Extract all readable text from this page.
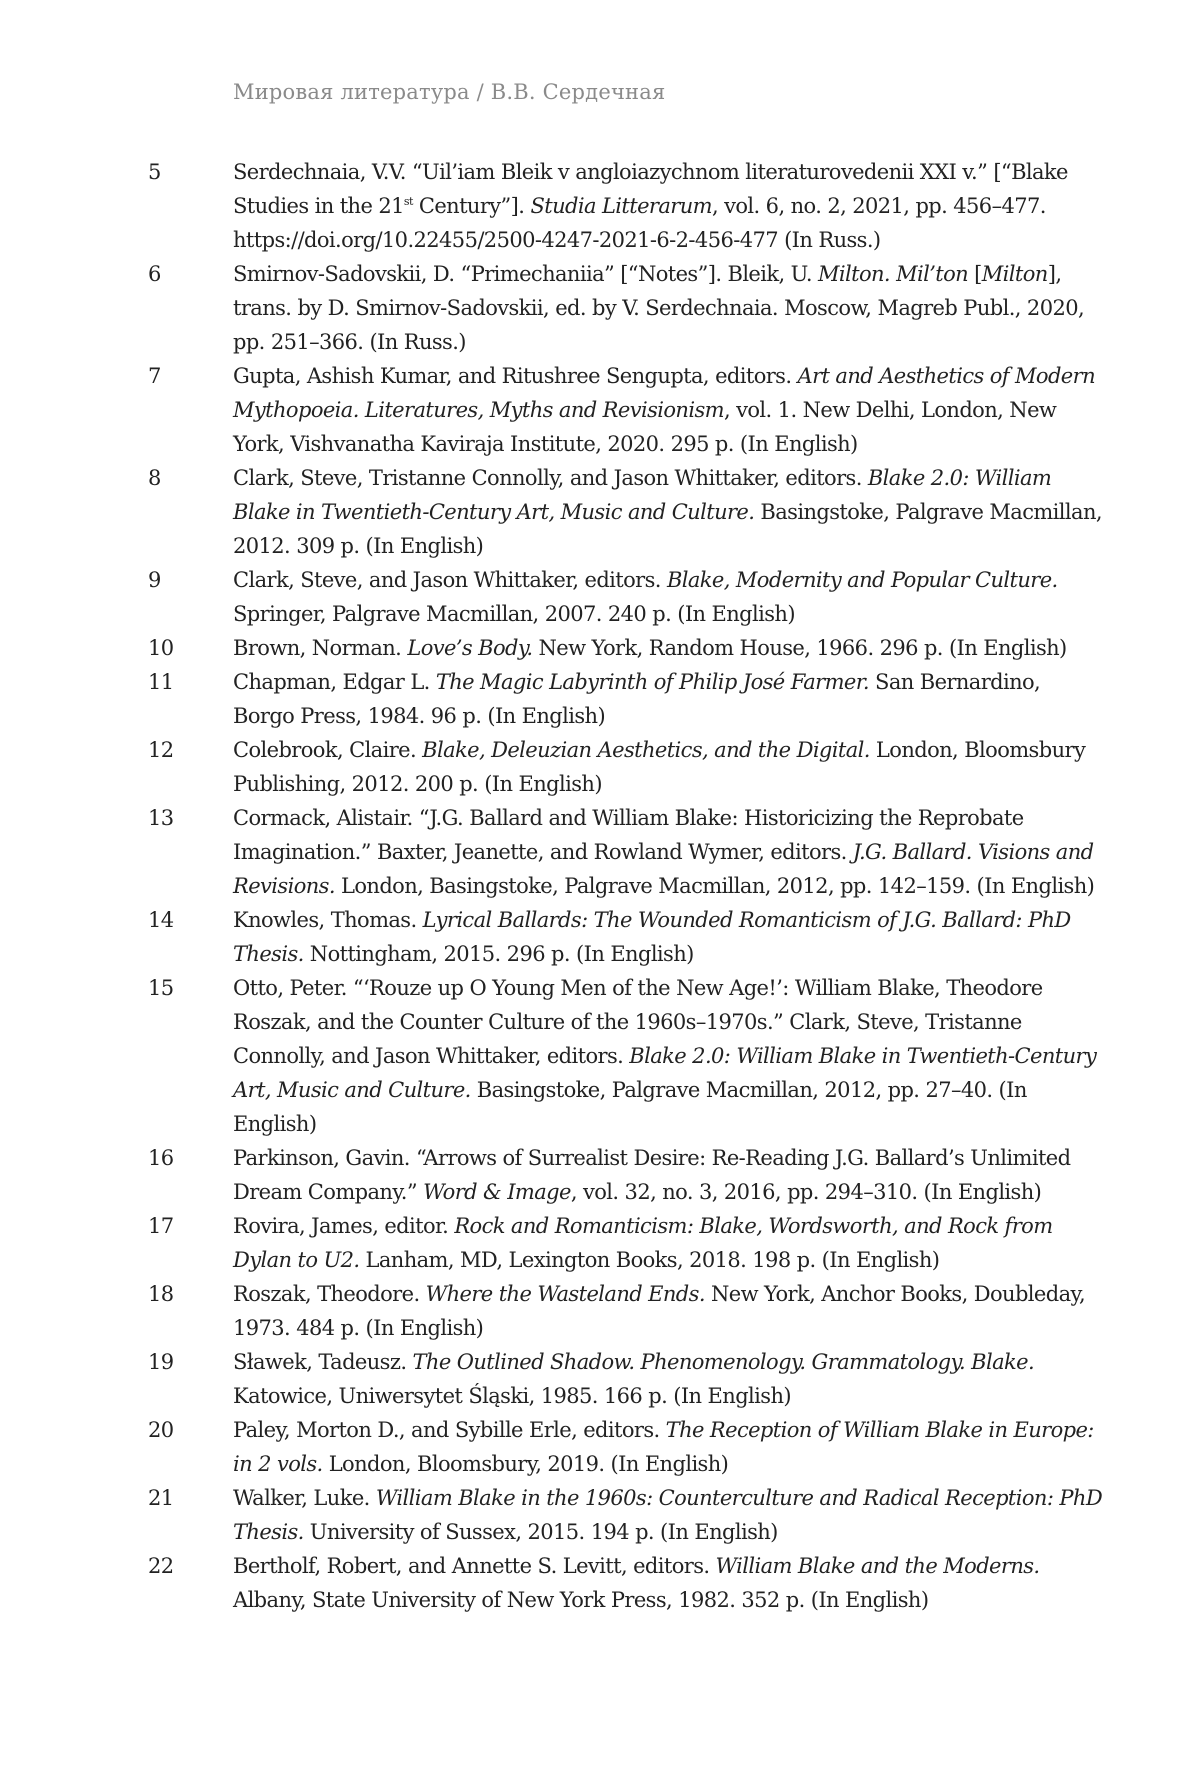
Мировая литература / В.В. Сердечная
5	Serdechnaia, V.V. “Uil’iam Bleik v angloiazychnom literaturovedenii XXI v.” [“Blake Studies in the 21st Century”]. Studia Litterarum, vol. 6, no. 2, 2021, pp. 456–477. https://doi.org/10.22455/2500-4247-2021-6-2-456-477 (In Russ.)
6	Smirnov-Sadovskii, D. “Primechaniia” [“Notes”]. Bleik, U. Milton. Mil’ton [Milton], trans. by D. Smirnov-Sadovskii, ed. by V. Serdechnaia. Moscow, Magreb Publ., 2020, pp. 251–366. (In Russ.)
7	Gupta, Ashish Kumar, and Ritushree Sengupta, editors. Art and Aesthetics of Modern Mythopoeia. Literatures, Myths and Revisionism, vol. 1. New Delhi, London, New York, Vishvanatha Kaviraja Institute, 2020. 295 p. (In English)
8	Clark, Steve, Tristanne Connolly, and Jason Whittaker, editors. Blake 2.0: William Blake in Twentieth-Century Art, Music and Culture. Basingstoke, Palgrave Macmillan, 2012. 309 p. (In English)
9	Clark, Steve, and Jason Whittaker, editors. Blake, Modernity and Popular Culture. Springer, Palgrave Macmillan, 2007. 240 p. (In English)
10	Brown, Norman. Love’s Body. New York, Random House, 1966. 296 p. (In English)
11	Chapman, Edgar L. The Magic Labyrinth of Philip José Farmer. San Bernardino, Borgo Press, 1984. 96 p. (In English)
12	Colebrook, Claire. Blake, Deleuzian Aesthetics, and the Digital. London, Bloomsbury Publishing, 2012. 200 p. (In English)
13	Cormack, Alistair. “J.G. Ballard and William Blake: Historicizing the Reprobate Imagination.” Baxter, Jeanette, and Rowland Wymer, editors. J.G. Ballard. Visions and Revisions. London, Basingstoke, Palgrave Macmillan, 2012, pp. 142–159. (In English)
14	Knowles, Thomas. Lyrical Ballards: The Wounded Romanticism of J.G. Ballard: PhD Thesis. Nottingham, 2015. 296 p. (In English)
15	Otto, Peter. “‘Rouze up O Young Men of the New Age!’: William Blake, Theodore Roszak, and the Counter Culture of the 1960s–1970s.” Clark, Steve, Tristanne Connolly, and Jason Whittaker, editors. Blake 2.0: William Blake in Twentieth-Century Art, Music and Culture. Basingstoke, Palgrave Macmillan, 2012, pp. 27–40. (In English)
16	Parkinson, Gavin. “Arrows of Surrealist Desire: Re-Reading J.G. Ballard’s Unlimited Dream Company.” Word & Image, vol. 32, no. 3, 2016, pp. 294–310. (In English)
17	Rovira, James, editor. Rock and Romanticism: Blake, Wordsworth, and Rock from Dylan to U2. Lanham, MD, Lexington Books, 2018. 198 p. (In English)
18	Roszak, Theodore. Where the Wasteland Ends. New York, Anchor Books, Doubleday, 1973. 484 p. (In English)
19	Sławek, Tadeusz. The Outlined Shadow. Phenomenology. Grammatology. Blake. Katowice, Uniwersytet Śląski, 1985. 166 p. (In English)
20	Paley, Morton D., and Sybille Erle, editors. The Reception of William Blake in Europe: in 2 vols. London, Bloomsbury, 2019. (In English)
21	Walker, Luke. William Blake in the 1960s: Counterculture and Radical Reception: PhD Thesis. University of Sussex, 2015. 194 p. (In English)
22	Bertholf, Robert, and Annette S. Levitt, editors. William Blake and the Moderns. Albany, State University of New York Press, 1982. 352 p. (In English)
